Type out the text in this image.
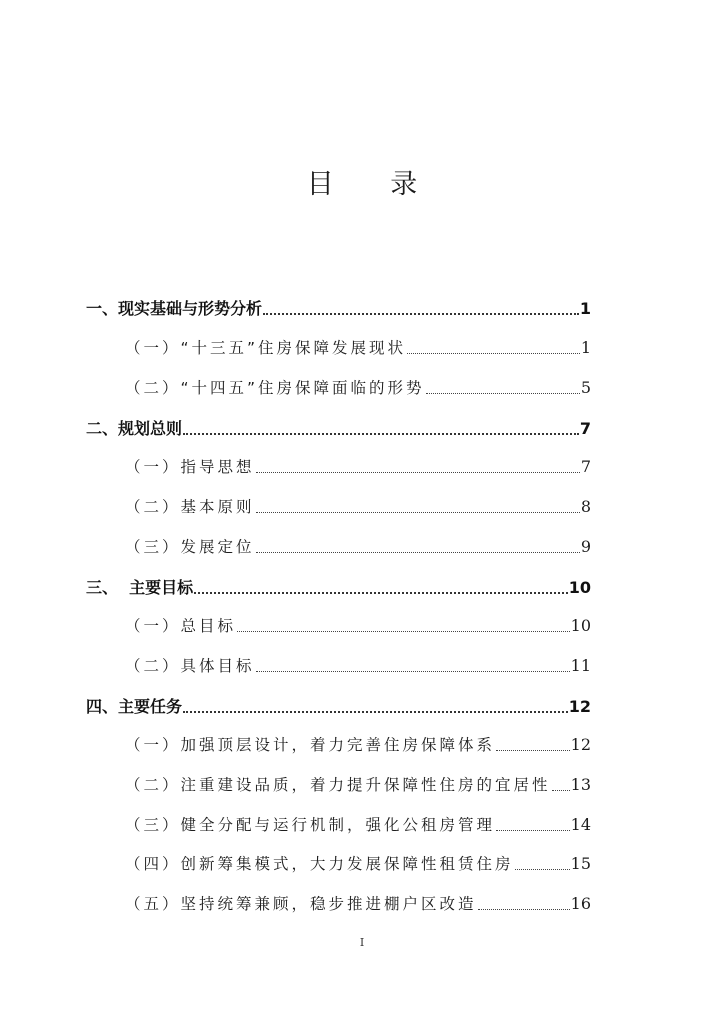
目 录
一、现实基础与形势分析	1
（一）“十三五”住房保障发展现状	1
（二）“十四五”住房保障面临的形势	5
二、规划总则	7
（一）指导思想	7
（二）基本原则	8
（三）发展定位	9
三、  主要目标	10
（一）总目标	10
（二）具体目标	11
四、主要任务	12
（一）加强顶层设计，着力完善住房保障体系	12
（二）注重建设品质，着力提升保障性住房的宜居性 13
（三）健全分配与运行机制，强化公租房管理	14
（四）创新筹集模式，大力发展保障性租赁住房	15
（五）坚持统筹兼顾，稳步推进棚户区改造	16
I
